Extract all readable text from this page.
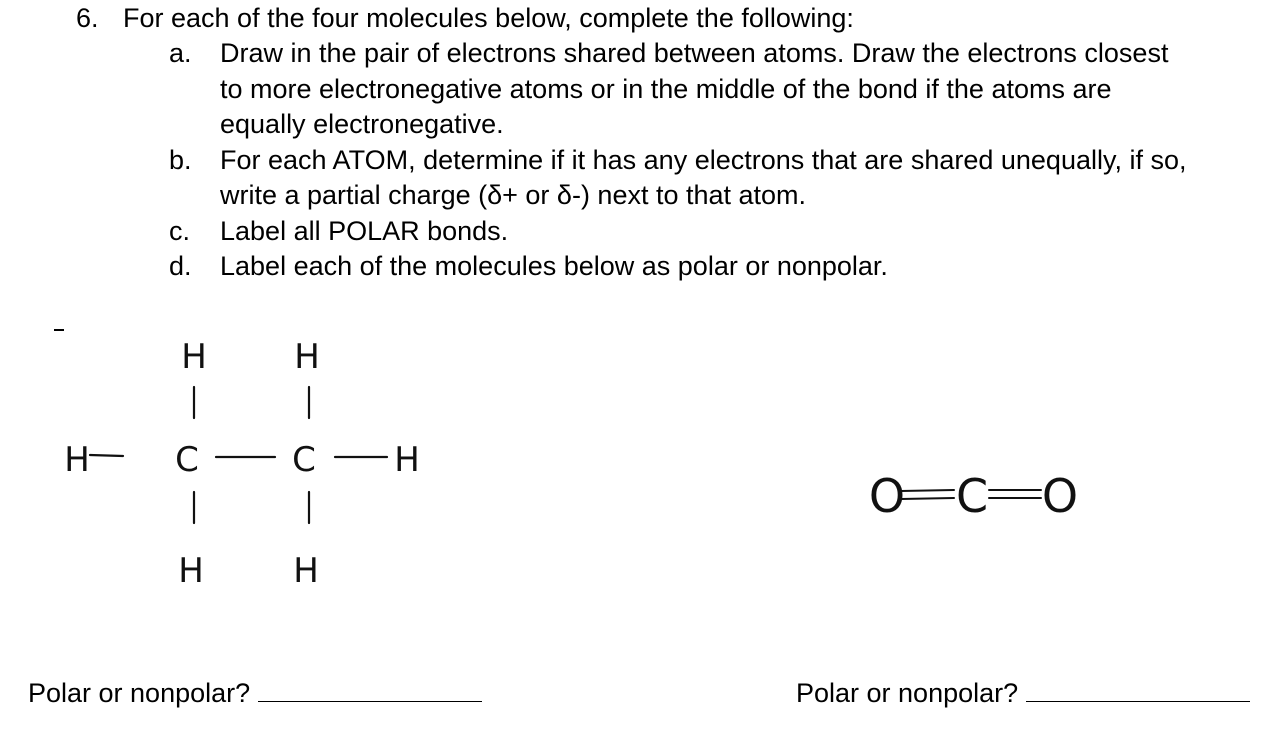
6. For each of the four molecules below, complete the following:
a.	Draw in the pair of electrons shared between atoms. Draw the electrons closest
to more electronegative atoms or in the middle of the bond if the atoms are
equally electronegative.
b.	For each ATOM, determine if it has any electrons that are shared unequally, if so,
write a partial charge (δ+ or δ-) next to that atom.
c.	Label all POLAR bonds.
d.	Label each of the molecules below as polar or nonpolar.
H	H
H	C	C H
H	H
O C O
Polar or nonpolar?	Polar or nonpolar?
